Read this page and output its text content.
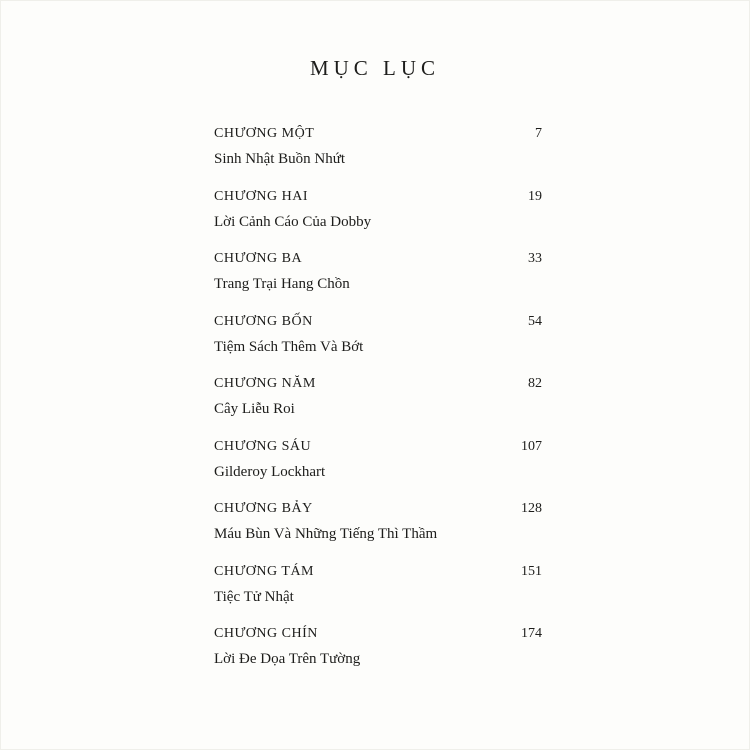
MỤC LỤC
CHƯƠNG MỘT	7
Sinh Nhật Buồn Nhứt
CHƯƠNG HAI	19
Lời Cảnh Cáo Của Dobby
CHƯƠNG BA	33
Trang Trại Hang Chồn
CHƯƠNG BỐN	54
Tiệm Sách Thêm Và Bớt
CHƯƠNG NĂM	82
Cây Liễu Roi
CHƯƠNG SÁU	107
Gilderoy Lockhart
CHƯƠNG BẢY	128
Máu Bùn Và Những Tiếng Thì Thầm
CHƯƠNG TÁM	151
Tiệc Tử Nhật
CHƯƠNG CHÍN	174
Lời Đe Dọa Trên Tường
